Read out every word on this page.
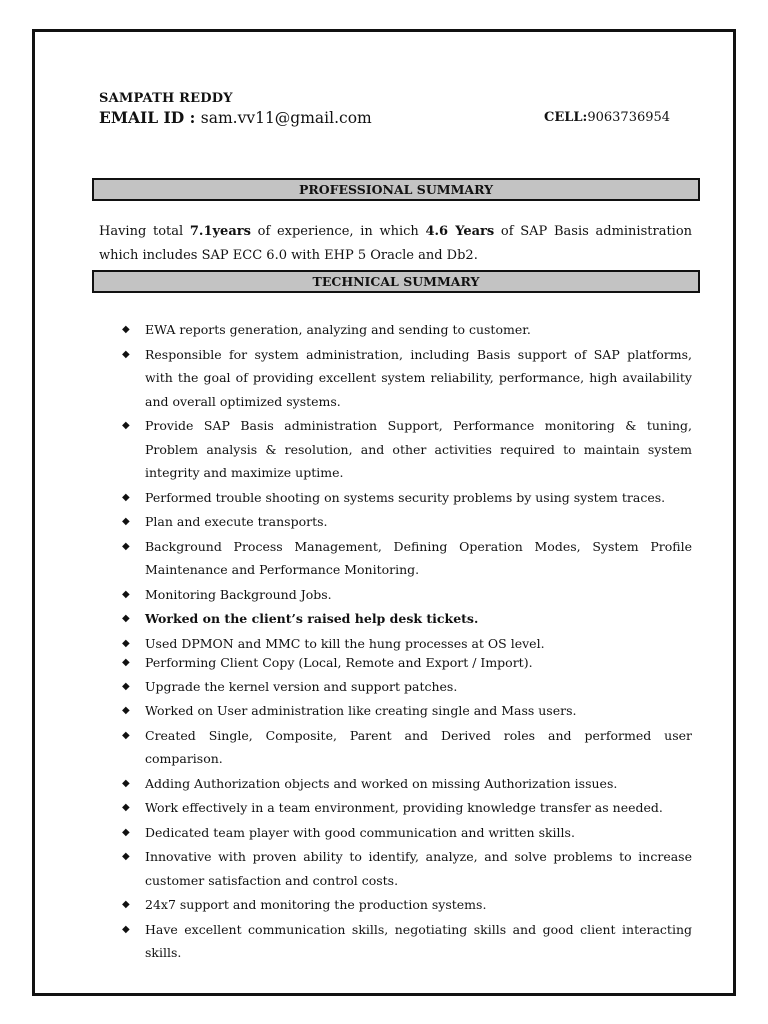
SAMPATH REDDY
EMAIL ID : sam.vv11@gmail.com	CELL:9063736954
PROFESSIONAL SUMMARY
Having total 7.1years of experience, in which 4.6 Years of SAP Basis administration which includes SAP ECC 6.0 with EHP 5 Oracle and Db2.
TECHNICAL SUMMARY
◆ EWA reports generation, analyzing and sending to customer.
◆ Responsible for system administration, including Basis support of SAP platforms, with the goal of providing excellent system reliability, performance, high availability and overall optimized systems.
◆ Provide SAP Basis administration Support, Performance monitoring & tuning, Problem analysis & resolution, and other activities required to maintain system integrity and maximize uptime.
◆ Performed trouble shooting on systems security problems by using system traces.
◆ Plan and execute transports.
◆ Background Process Management, Defining Operation Modes, System Profile Maintenance and Performance Monitoring.
◆ Monitoring Background Jobs.
◆ Worked on the client’s raised help desk tickets.
◆ Used DPMON and MMC to kill the hung processes at OS level.
◆ Performing Client Copy (Local, Remote and Export / Import).
◆ Upgrade the kernel version and support patches.
◆ Worked on User administration like creating single and Mass users.
◆ Created Single, Composite, Parent and Derived roles and performed user comparison.
◆ Adding Authorization objects and worked on missing Authorization issues.
◆ Work effectively in a team environment, providing knowledge transfer as needed.
◆ Dedicated team player with good communication and written skills.
◆ Innovative with proven ability to identify, analyze, and solve problems to increase customer satisfaction and control costs.
◆ 24x7 support and monitoring the production systems.
◆ Have excellent communication skills, negotiating skills and good client interacting skills.
